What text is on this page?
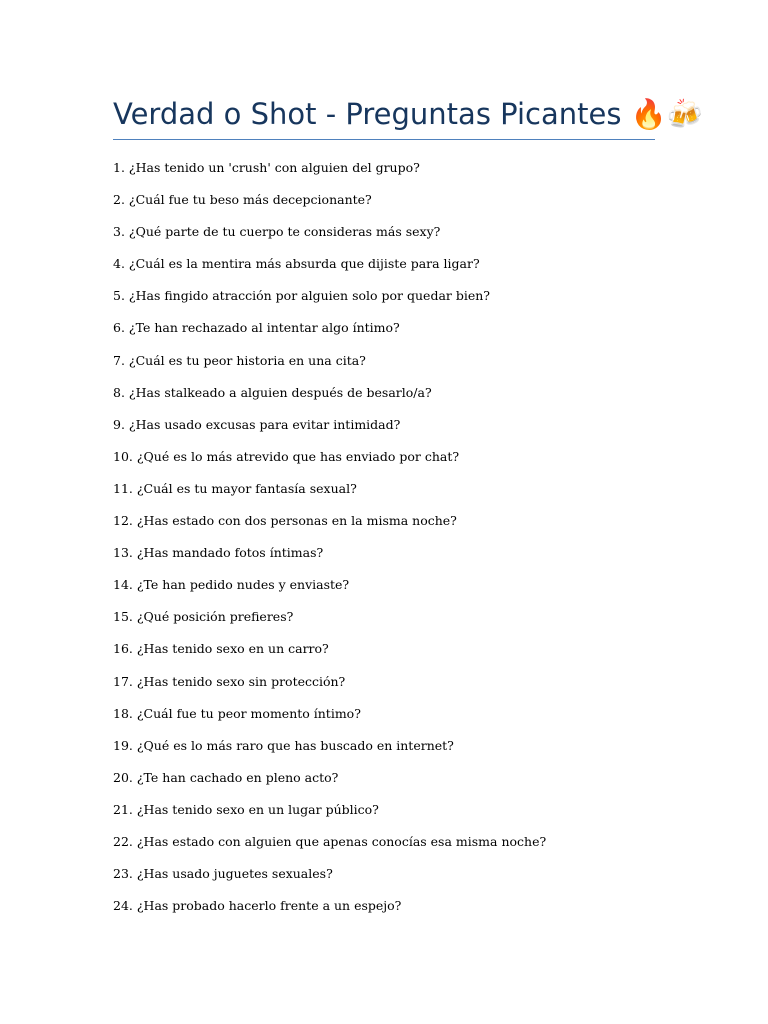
Verdad o Shot - Preguntas Picantes 🔥🍻
1. ¿Has tenido un 'crush' con alguien del grupo?
2. ¿Cuál fue tu beso más decepcionante?
3. ¿Qué parte de tu cuerpo te consideras más sexy?
4. ¿Cuál es la mentira más absurda que dijiste para ligar?
5. ¿Has fingido atracción por alguien solo por quedar bien?
6. ¿Te han rechazado al intentar algo íntimo?
7. ¿Cuál es tu peor historia en una cita?
8. ¿Has stalkeado a alguien después de besarlo/a?
9. ¿Has usado excusas para evitar intimidad?
10. ¿Qué es lo más atrevido que has enviado por chat?
11. ¿Cuál es tu mayor fantasía sexual?
12. ¿Has estado con dos personas en la misma noche?
13. ¿Has mandado fotos íntimas?
14. ¿Te han pedido nudes y enviaste?
15. ¿Qué posición prefieres?
16. ¿Has tenido sexo en un carro?
17. ¿Has tenido sexo sin protección?
18. ¿Cuál fue tu peor momento íntimo?
19. ¿Qué es lo más raro que has buscado en internet?
20. ¿Te han cachado en pleno acto?
21. ¿Has tenido sexo en un lugar público?
22. ¿Has estado con alguien que apenas conocías esa misma noche?
23. ¿Has usado juguetes sexuales?
24. ¿Has probado hacerlo frente a un espejo?
